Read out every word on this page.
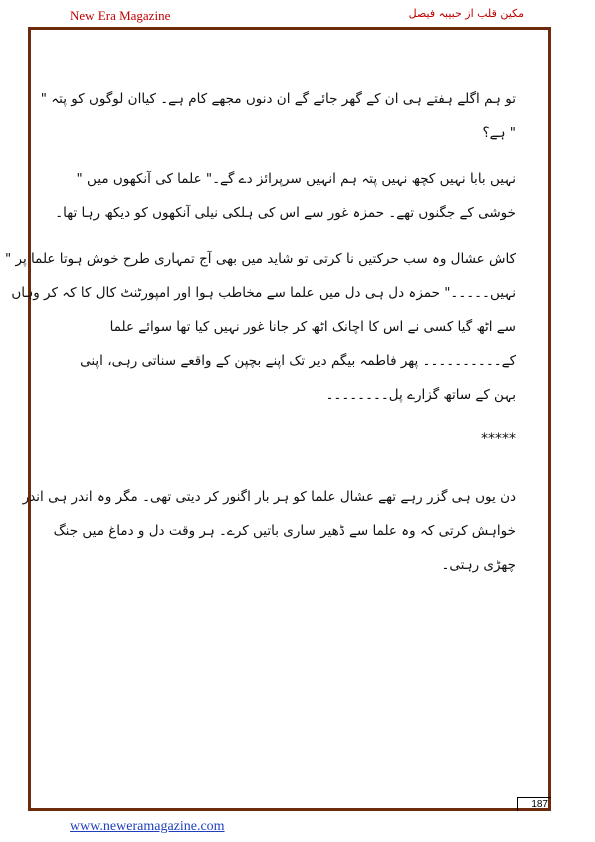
New Era Magazine	مکین قلب از حبیبہ فیصل
تو ہم اگلے ہفتے ہی ان کے گھر جائے گے ان دنوں مجھے کام ہے۔ کیاان لوگوں کو پتہ "
" ہے؟
نہیں بابا نہیں کچھ نہیں پتہ ہم انہیں سرپرائز دے گے۔" علما کی آنکھوں میں "
خوشی کے جگنوں تھے۔ حمزہ غور سے اس کی ہلکی نیلی آنکھوں کو دیکھ رہا تھا۔
کاش عشال وہ سب حرکتیں نا کرتی تو شاید میں بھی آج تمہاری طرح خوش ہوتا علما پر "
نہیں۔۔۔۔۔" حمزہ دل ہی دل میں علما سے مخاطب ہوا اور امپورٹنٹ کال کا کہ کر وہاں
سے اٹھ گیا کسی نے اس کا اچانک اٹھ کر جانا غور نہیں کیا تھا سوائے علما
کے۔۔۔۔۔۔۔۔۔۔ پھر فاطمہ بیگم دیر تک اپنے بچپن کے واقعے سناتی رہی، اپنی
بہن کے ساتھ گزارے پل۔۔۔۔۔۔۔۔
*****
دن یوں ہی گزر رہے تھے عشال علما کو ہر بار اگنور کر دیتی تھی۔ مگر وہ اندر ہی اندر
خواہش کرتی کہ وہ علما سے ڈھیر ساری باتیں کرے۔ ہر وقت دل و دماغ میں جنگ
چھڑی رہتی۔
187
www.neweramagazine.com
